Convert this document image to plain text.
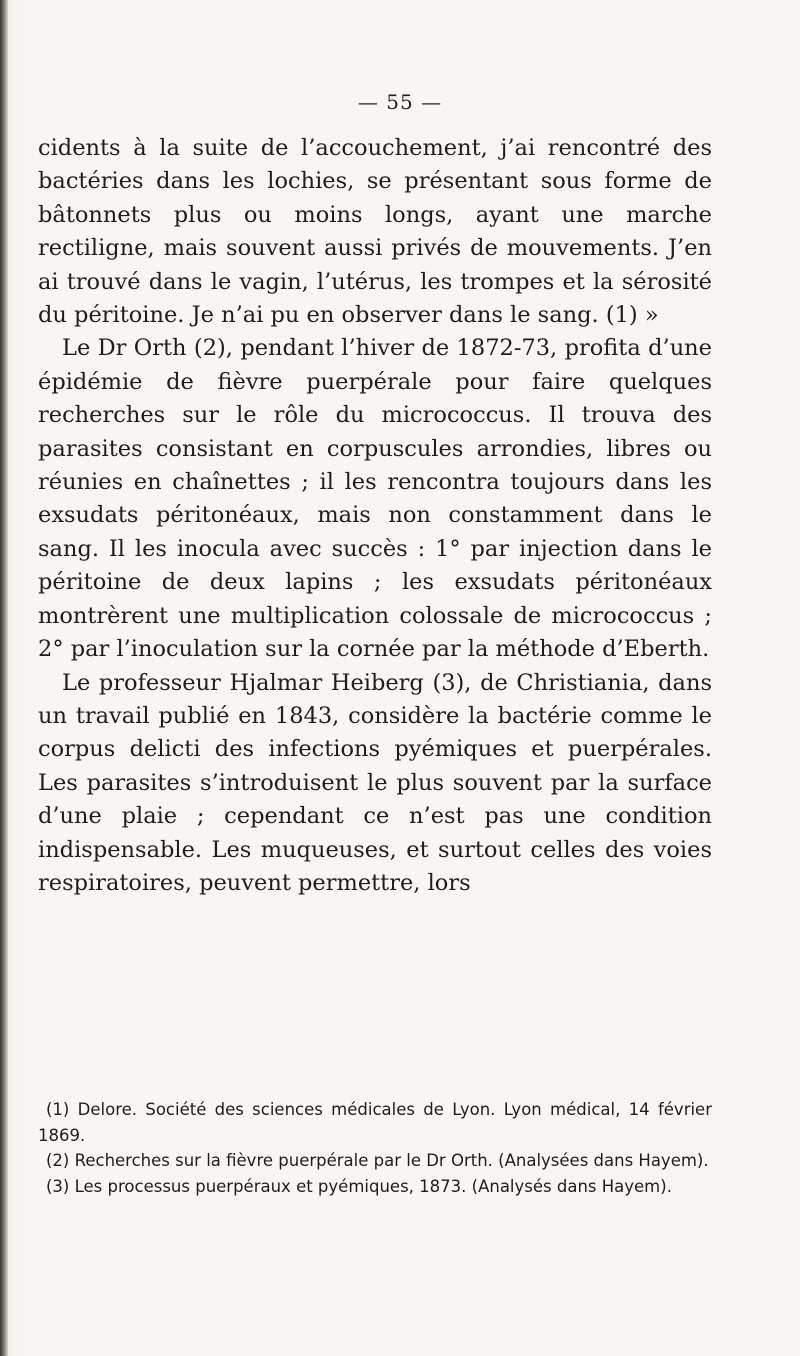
— 55 —

cidents à la suite de l’accouchement, j’ai rencontré des bactéries dans les lochies, se présentant sous forme de bâtonnets plus ou moins longs, ayant une marche rectiligne, mais souvent aussi privés de mouvements. J’en ai trouvé dans le vagin, l’utérus, les trompes et la sérosité du péritoine. Je n’ai pu en observer dans le sang. (1) »

Le Dr Orth (2), pendant l’hiver de 1872-73, profita d’une épidémie de fièvre puerpérale pour faire quelques recherches sur le rôle du micrococcus. Il trouva des parasites consistant en corpuscules arrondies, libres ou réunies en chaînettes ; il les rencontra toujours dans les exsudats péritonéaux, mais non constamment dans le sang. Il les inocula avec succès : 1° par injection dans le péritoine de deux lapins ; les exsudats péritonéaux montrèrent une multiplication colossale de micrococcus ; 2° par l’inoculation sur la cornée par la méthode d’Eberth.

Le professeur Hjalmar Heiberg (3), de Christiania, dans un travail publié en 1843, considère la bactérie comme le corpus delicti des infections pyémiques et puerpérales. Les parasites s’introduisent le plus souvent par la surface d’une plaie ; cependant ce n’est pas une condition indispensable. Les muqueuses, et surtout celles des voies respiratoires, peuvent permettre, lors

(1) Delore. Société des sciences médicales de Lyon. Lyon médical, 14 février 1869.

(2) Recherches sur la fièvre puerpérale par le Dr Orth. (Analysées dans Hayem).

(3) Les processus puerpéraux et pyémiques, 1873. (Analysés dans Hayem).
